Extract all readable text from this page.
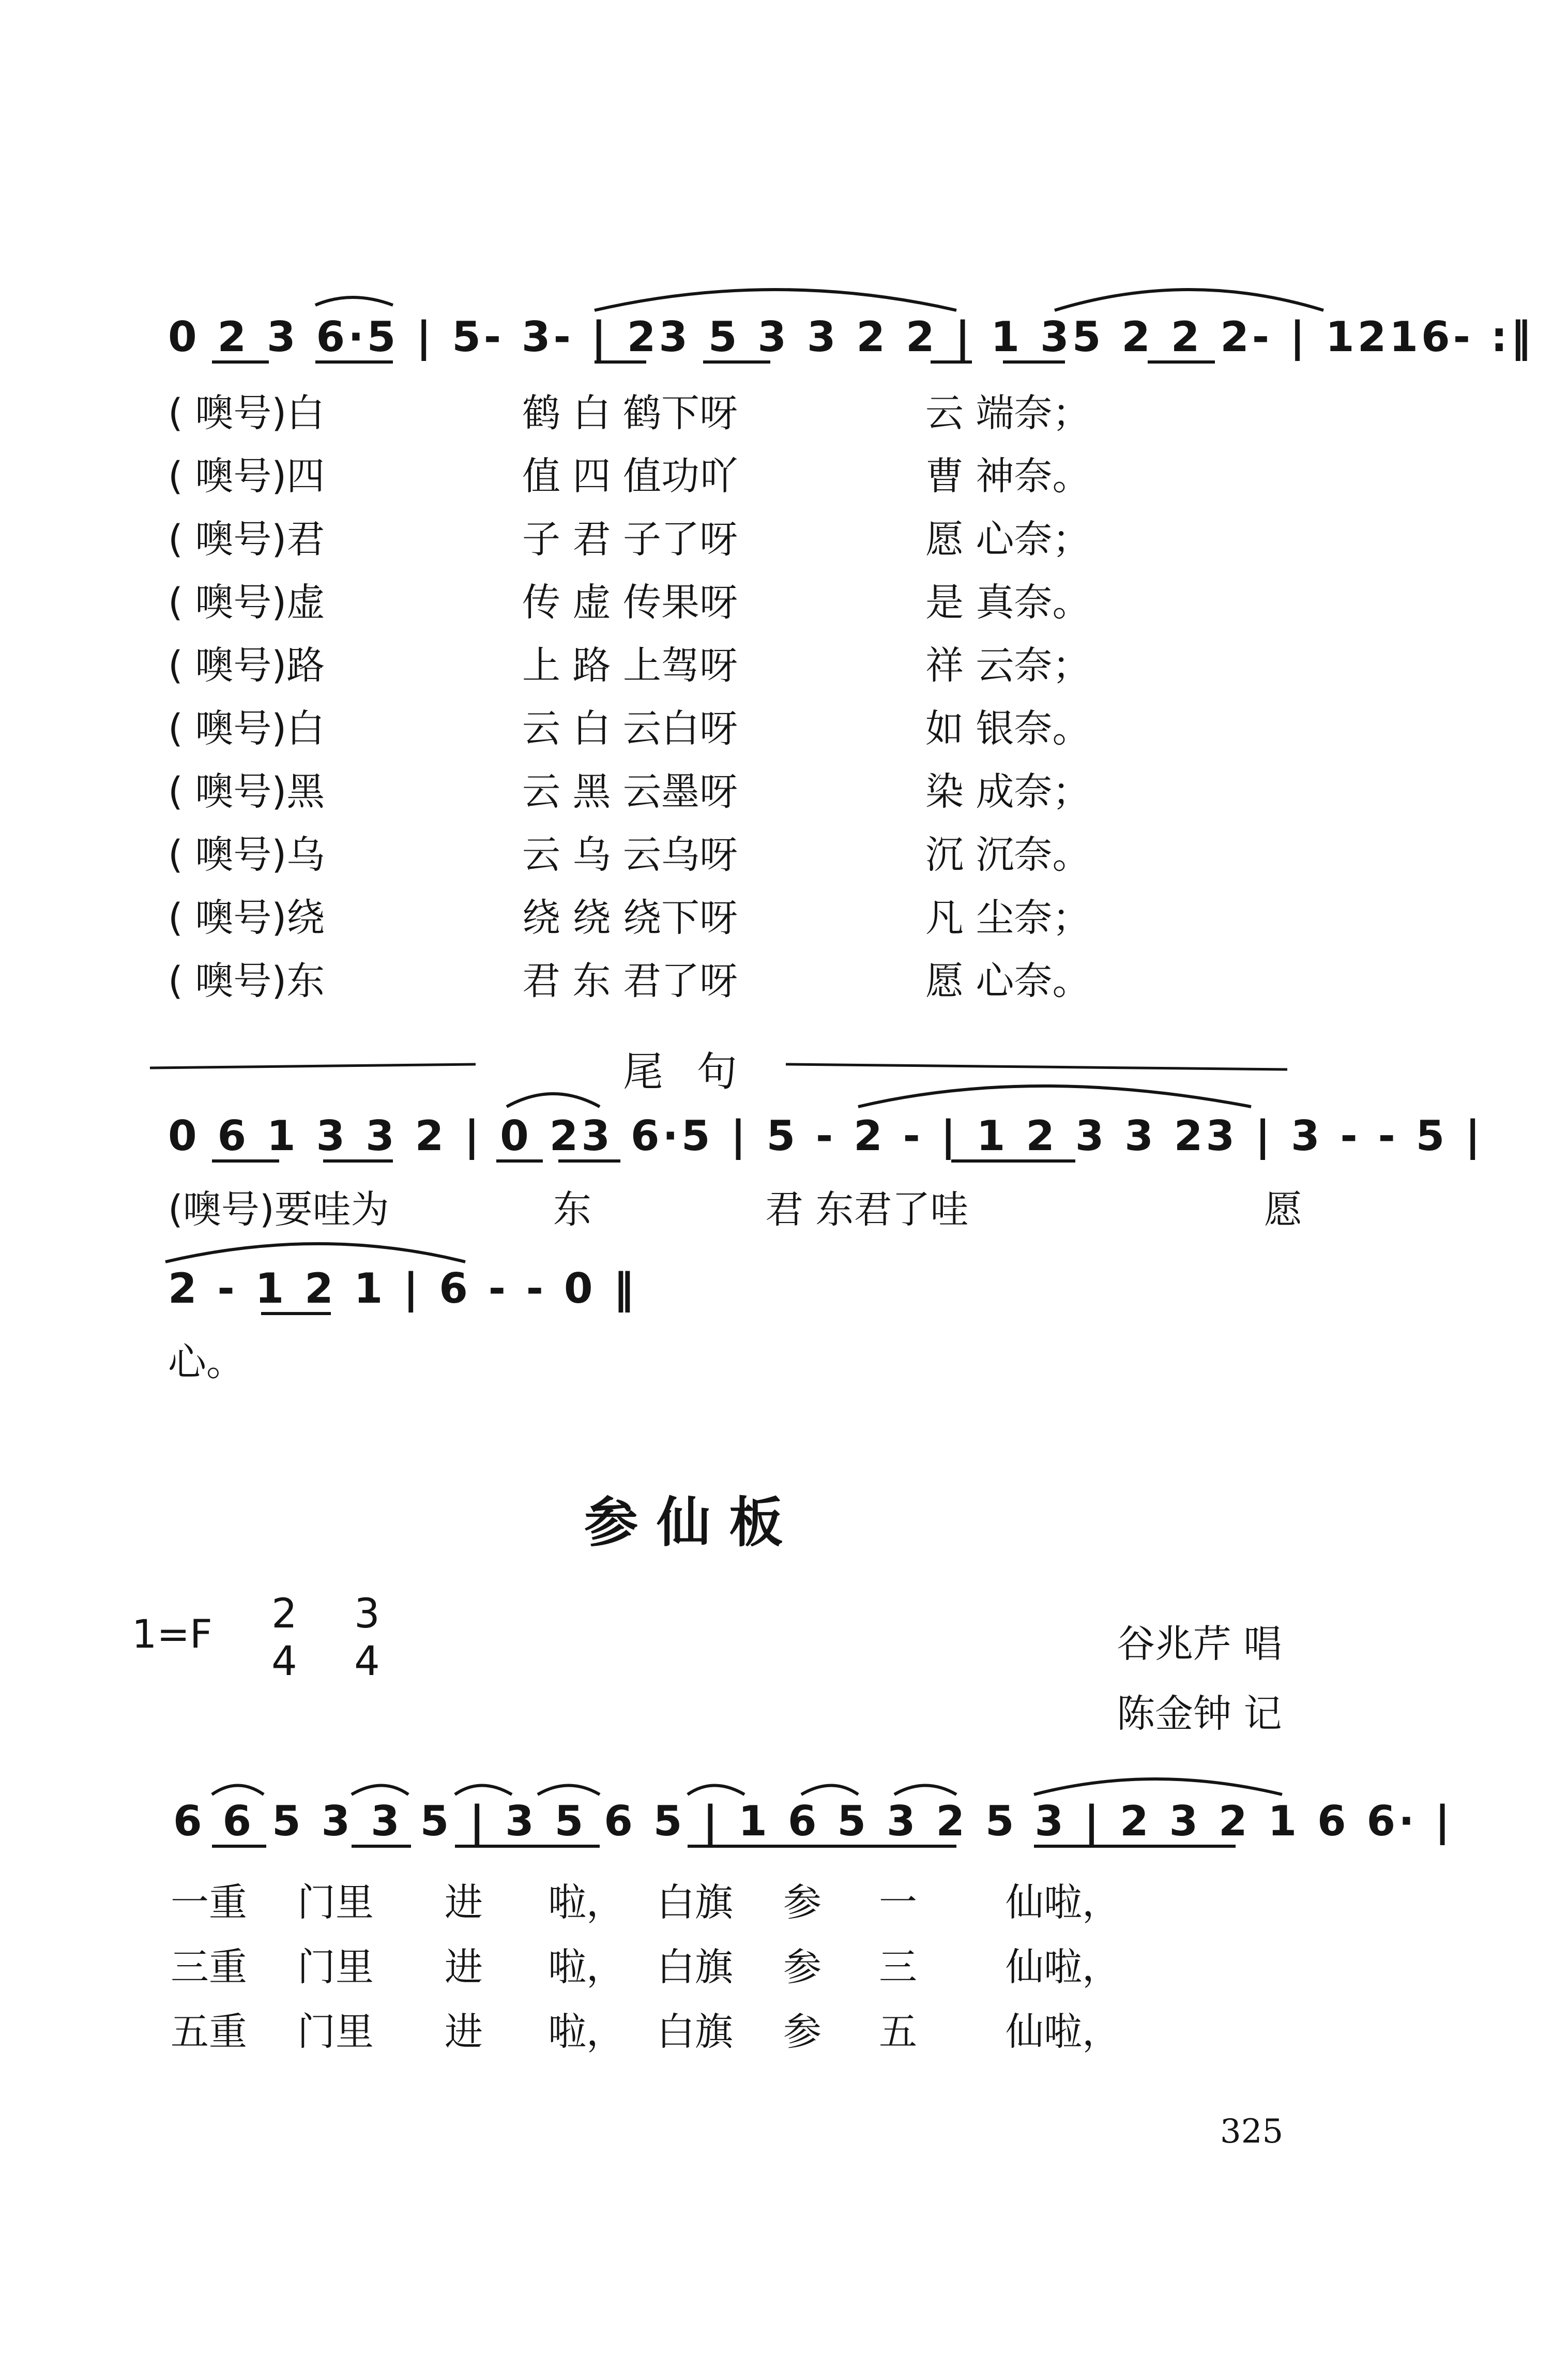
0 2 3 6·5 | 5- 3- | 23 5 3 3 2 2 | 1 35 2 2 2- | 1216- :‖
( 噢号)白	鹤 白 鹤下呀	云 端奈；
( 噢号)四	值 四 值功吖	曹 神奈。
( 噢号)君	子 君 子了呀	愿 心奈；
( 噢号)虚	传 虚 传果呀	是 真奈。
( 噢号)路	上 路 上驾呀	祥 云奈；
( 噢号)白	云 白 云白呀	如 银奈。
( 噢号)黑	云 黑 云墨呀	染 成奈；
( 噢号)乌	云 乌 云乌呀	沉 沉奈。
( 噢号)绕	绕 绕 绕下呀	凡 尘奈；
( 噢号)东	君 东 君了呀	愿 心奈。
尾 句
0 6 1 3 3 2 | 0 23 6·5 | 5 - 2 - | 1 2 3 3 23 | 3 - - 5 |
(噢号)要哇为	东	君 东君了哇	愿
2 - 1 2 1 | 6 - - 0 ‖
心。
参 仙 板
1=F 2
4
3
4	谷兆芹 唱
陈金钟 记
6 6 5 3 3 5 | 3 5 6 5 | 1 6 5 3 2 5 3 | 2 3 2 1 6 6· |
一重 门里 进 啦， 白旗 参 一 仙啦，
三重 门里 进 啦， 白旗 参 三 仙啦，
五重 门里 进 啦， 白旗 参 五 仙啦，
325
